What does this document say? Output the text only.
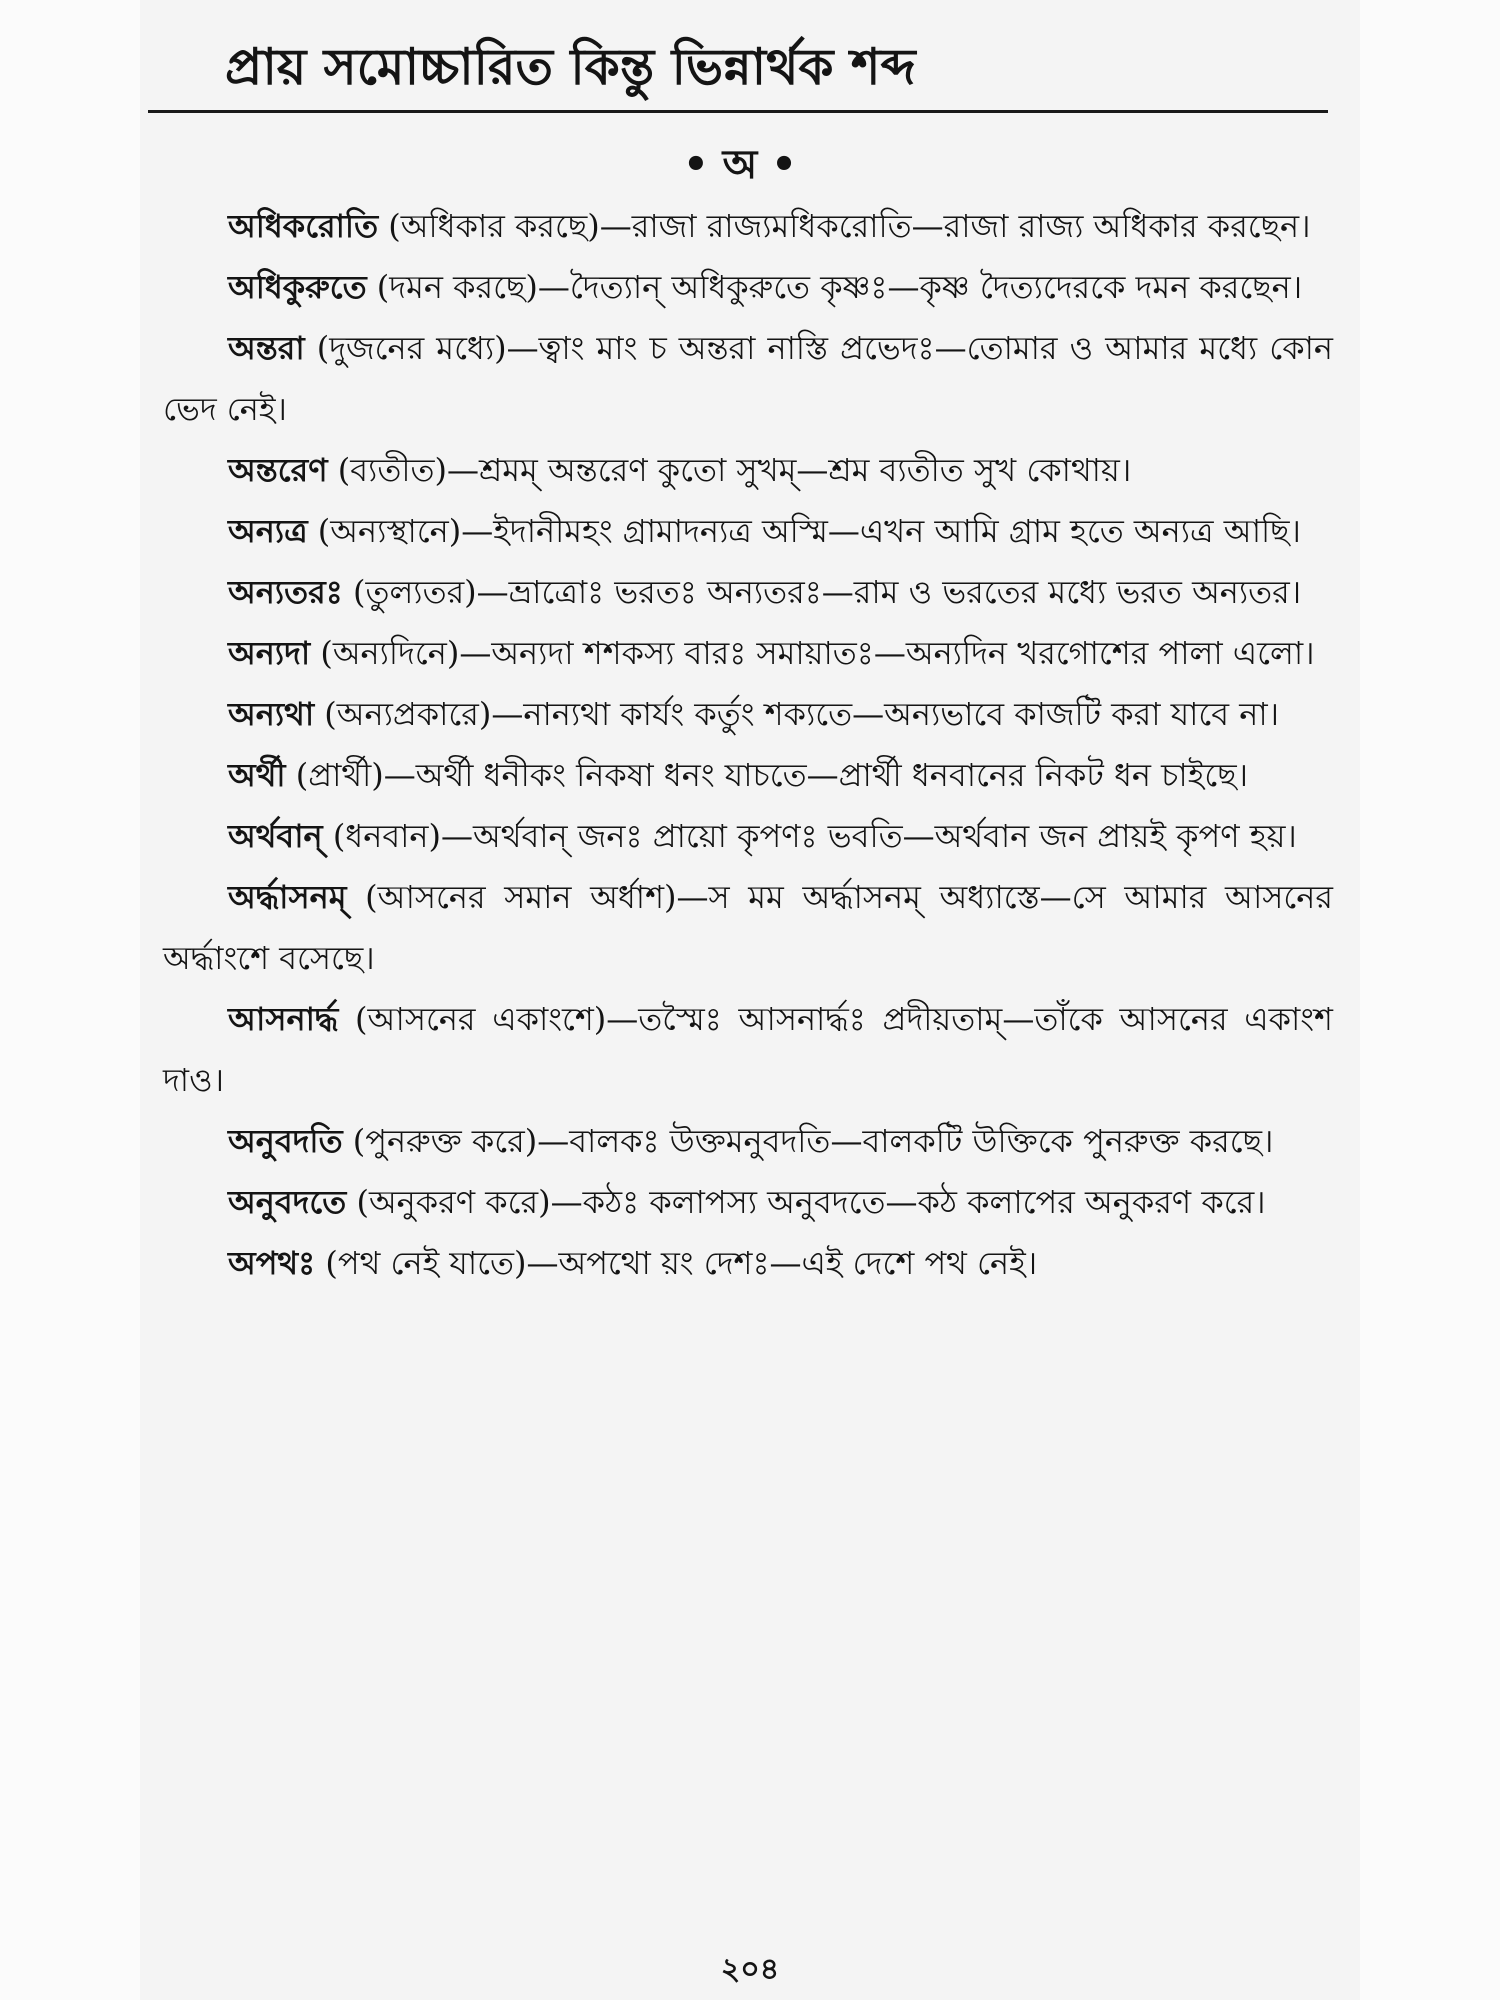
প্রায় সমোচ্চারিত কিন্তু ভিন্নার্থক শব্দ
• অ •

অধিকরোতি (অধিকার করছে)—রাজা রাজ্যমধিকরোতি—রাজা রাজ্য অধিকার করছেন।

অধিকুরুতে (দমন করছে)—দৈত্যান্ অধিকুরুতে কৃষ্ণঃ—কৃষ্ণ দৈত্যদেরকে দমন করছেন।

অন্তরা (দুজনের মধ্যে)—ত্বাং মাং চ অন্তরা নাস্তি প্রভেদঃ—তোমার ও আমার মধ্যে কোন ভেদ নেই।

অন্তরেণ (ব্যতীত)—শ্রমম্ অন্তরেণ কুতো সুখম্—শ্রম ব্যতীত সুখ কোথায়।

অন্যত্র (অন্যস্থানে)—ইদানীমহং গ্রামাদন্যত্র অস্মি—এখন আমি গ্রাম হতে অন্যত্র আছি।

অন্যতরঃ (তুল্যতর)—ভ্রাত্রোঃ ভরতঃ অন্যতরঃ—রাম ও ভরতের মধ্যে ভরত অন্যতর।

অন্যদা (অন্যদিনে)—অন্যদা শশকস্য বারঃ সমায়াতঃ—অন্যদিন খরগোশের পালা এলো।

অন্যথা (অন্যপ্রকারে)—নান্যথা কার্যং কর্তুং শক্যতে—অন্যভাবে কাজটি করা যাবে না।

অর্থী (প্রার্থী)—অর্থী ধনীকং নিকষা ধনং যাচতে—প্রার্থী ধনবানের নিকট ধন চাইছে।

অর্থবান্ (ধনবান)—অর্থবান্ জনঃ প্রায়ো কৃপণঃ ভবতি—অর্থবান জন প্রায়ই কৃপণ হয়।

অর্দ্ধাসনম্ (আসনের সমান অর্ধাশ)—স মম অর্দ্ধাসনম্ অধ্যাস্তে—সে আমার আসনের অর্দ্ধাংশে বসেছে।

আসনার্দ্ধ (আসনের একাংশে)—তস্মৈঃ আসনার্দ্ধঃ প্রদীয়তাম্—তাঁকে আসনের একাংশ দাও।

অনুবদতি (পুনরুক্ত করে)—বালকঃ উক্তমনুবদতি—বালকটি উক্তিকে পুনরুক্ত করছে।

অনুবদতে (অনুকরণ করে)—কঠঃ কলাপস্য অনুবদতে—কঠ কলাপের অনুকরণ করে।

অপথঃ (পথ নেই যাতে)—অপথো য়ং দেশঃ—এই দেশে পথ নেই।

২০৪
